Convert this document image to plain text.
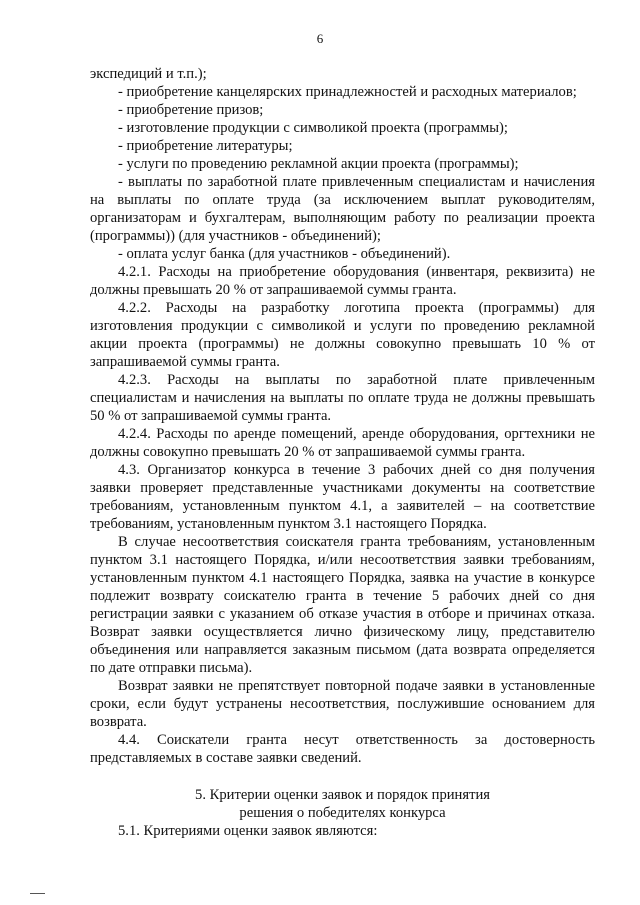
6

экспедиций и т.п.);

- приобретение канцелярских принадлежностей и расходных материалов;

- приобретение призов;

- изготовление продукции с символикой проекта (программы);

- приобретение литературы;

- услуги по проведению рекламной акции проекта (программы);

- выплаты по заработной плате привлеченным специалистам и начисления на выплаты по оплате труда (за исключением выплат руководителям, организаторам и бухгалтерам, выполняющим работу по реализации проекта (программы)) (для участников - объединений);

- оплата услуг банка (для участников - объединений).

4.2.1. Расходы на приобретение оборудования (инвентаря, реквизита) не должны превышать 20 % от запрашиваемой суммы гранта.

4.2.2. Расходы на разработку логотипа проекта (программы) для изготовления продукции с символикой и услуги по проведению рекламной акции проекта (программы) не должны совокупно превышать 10 % от запрашиваемой суммы гранта.

4.2.3. Расходы на выплаты по заработной плате привлеченным специалистам и начисления на выплаты по оплате труда не должны превышать 50 % от запрашиваемой суммы гранта.

4.2.4. Расходы по аренде помещений, аренде оборудования, оргтехники не должны совокупно превышать 20 % от запрашиваемой суммы гранта.

4.3. Организатор конкурса в течение 3 рабочих дней со дня получения заявки проверяет представленные участниками документы на соответствие требованиям, установленным пунктом 4.1, а заявителей – на соответствие требованиям, установленным пунктом 3.1 настоящего Порядка.

В случае несоответствия соискателя гранта требованиям, установленным пунктом 3.1 настоящего Порядка, и/или несоответствия заявки требованиям, установленным пунктом 4.1 настоящего Порядка, заявка на участие в конкурсе подлежит возврату соискателю гранта в течение 5 рабочих дней со дня регистрации заявки с указанием об отказе участия в отборе и причинах отказа. Возврат заявки осуществляется лично физическому лицу, представителю объединения или направляется заказным письмом (дата возврата определяется по дате отправки письма).

Возврат заявки не препятствует повторной подаче заявки в установленные сроки, если будут устранены несоответствия, послужившие основанием для возврата.

4.4. Соискатели гранта несут ответственность за достоверность представляемых в составе заявки сведений.

5. Критерии оценки заявок и порядок принятия
решения о победителях конкурса

5.1. Критериями оценки заявок являются:
